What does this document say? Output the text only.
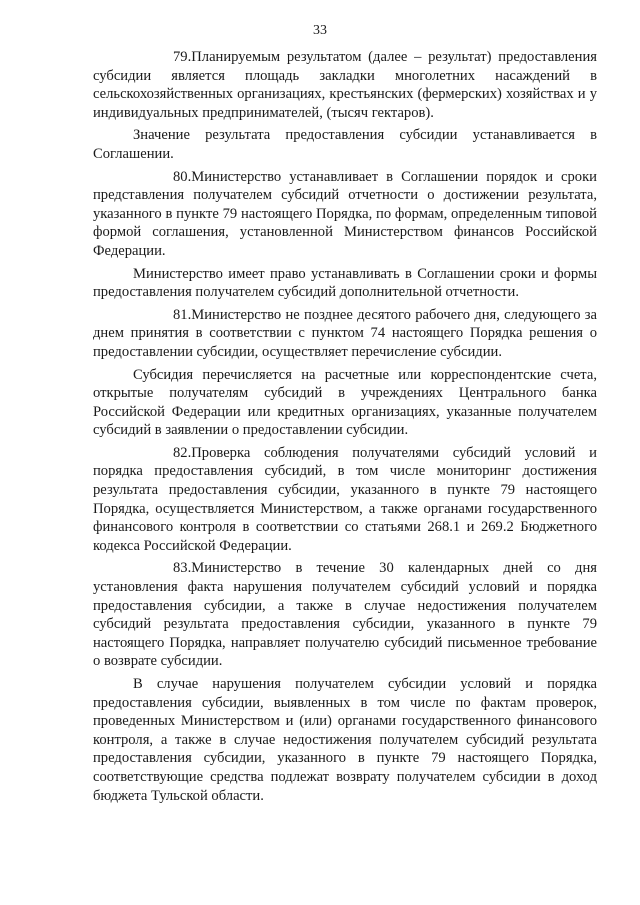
33

79.Планируемым результатом (далее – результат) предоставления субсидии является площадь закладки многолетних насаждений в сельскохозяйственных организациях, крестьянских (фермерских) хозяйствах и у индивидуальных предпринимателей, (тысяч гектаров).

Значение результата предоставления субсидии устанавливается в Соглашении.

80.Министерство устанавливает в Соглашении порядок и сроки представления получателем субсидий отчетности о достижении результата, указанного в пункте 79 настоящего Порядка, по формам, определенным типовой формой соглашения, установленной Министерством финансов Российской Федерации.

Министерство имеет право устанавливать в Соглашении сроки и формы предоставления получателем субсидий дополнительной отчетности.

81.Министерство не позднее десятого рабочего дня, следующего за днем принятия в соответствии с пунктом 74 настоящего Порядка решения о предоставлении субсидии, осуществляет перечисление субсидии.

Субсидия перечисляется на расчетные или корреспондентские счета, открытые получателям субсидий в учреждениях Центрального банка Российской Федерации или кредитных организациях, указанные получателем субсидий в заявлении о предоставлении субсидии.

82.Проверка соблюдения получателями субсидий условий и порядка предоставления субсидий, в том числе мониторинг достижения результата предоставления субсидии, указанного в пункте 79 настоящего Порядка, осуществляется Министерством, а также органами государственного финансового контроля в соответствии со статьями 268.1 и 269.2 Бюджетного кодекса Российской Федерации.

83.Министерство в течение 30 календарных дней со дня установления факта нарушения получателем субсидий условий и порядка предоставления субсидии, а также в случае недостижения получателем субсидий результата предоставления субсидии, указанного в пункте 79 настоящего Порядка, направляет получателю субсидий письменное требование о возврате субсидии.

В случае нарушения получателем субсидии условий и порядка предоставления субсидии, выявленных в том числе по фактам проверок, проведенных Министерством и (или) органами государственного финансового контроля, а также в случае недостижения получателем субсидий результата предоставления субсидии, указанного в пункте 79 настоящего Порядка, соответствующие средства подлежат возврату получателем субсидии в доход бюджета Тульской области.
